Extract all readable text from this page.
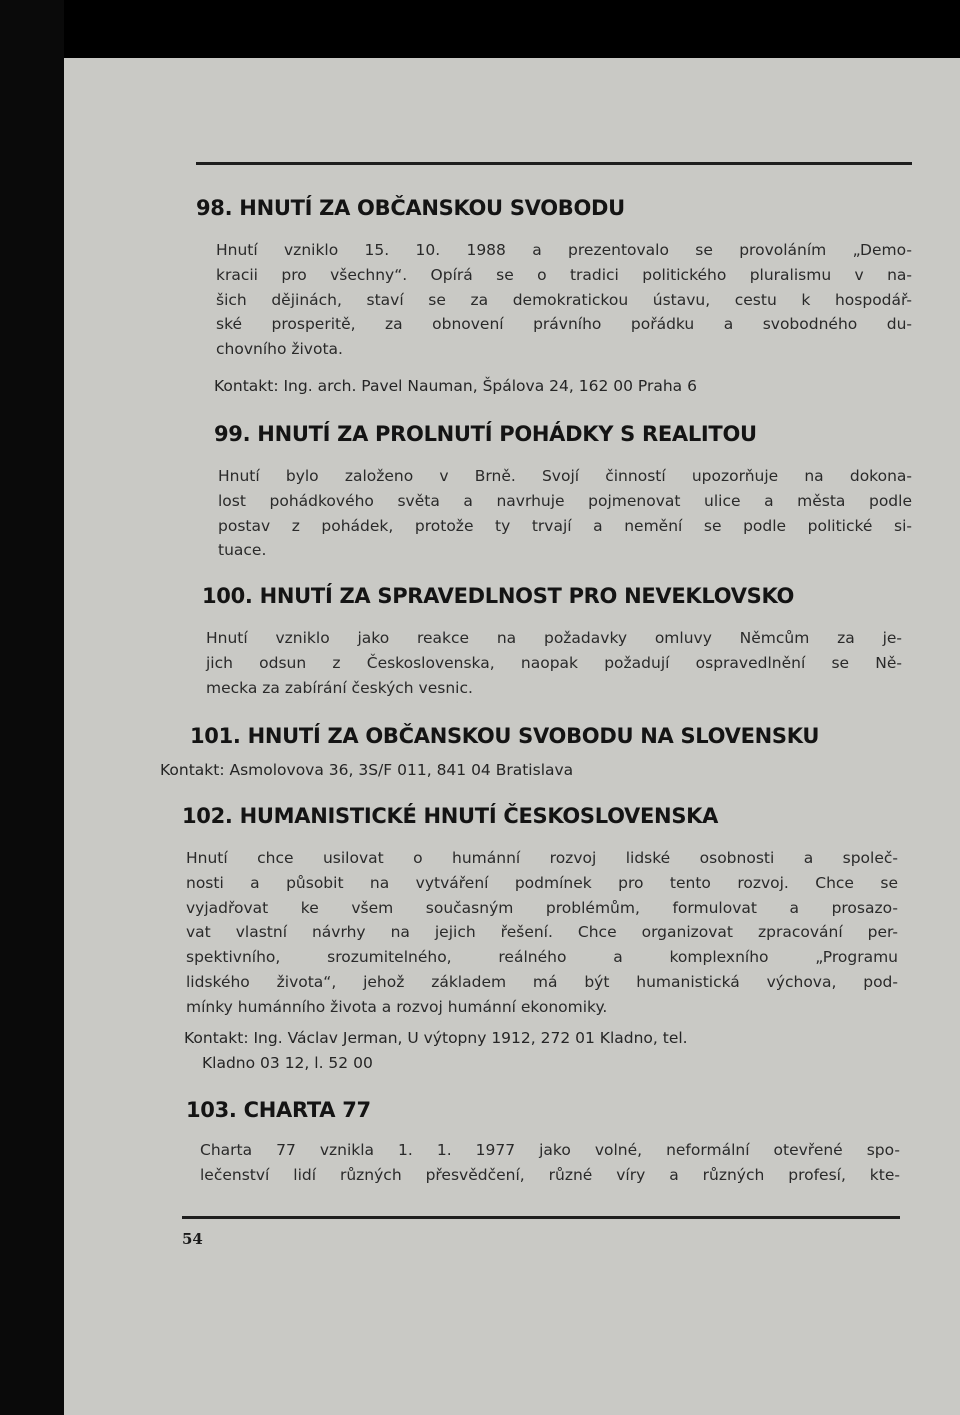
98. HNUTÍ ZA OBČANSKOU SVOBODU
Hnutí vzniklo 15. 10. 1988 a prezentovalo se provoláním „Demo-
kracii pro všechny“. Opírá se o tradici politického pluralismu v na-
šich dějinách, staví se za demokratickou ústavu, cestu k hospodář-
ské prosperitě, za obnovení právního pořádku a svobodného du-
chovního života.
Kontakt: Ing. arch. Pavel Nauman, Špálova 24, 162 00 Praha 6
99. HNUTÍ ZA PROLNUTÍ POHÁDKY S REALITOU
Hnutí bylo založeno v Brně. Svojí činností upozorňuje na dokona-
lost pohádkového světa a navrhuje pojmenovat ulice a města podle
postav z pohádek, protože ty trvají a nemění se podle politické si-
tuace.
100. HNUTÍ ZA SPRAVEDLNOST PRO NEVEKLOVSKO
Hnutí vzniklo jako reakce na požadavky omluvy Němcům za je-
jich odsun z Československa, naopak požadují ospravedlnění se Ně-
mecka za zabírání českých vesnic.
101. HNUTÍ ZA OBČANSKOU SVOBODU NA SLOVENSKU
Kontakt: Asmolovova 36, 3S/F 011, 841 04 Bratislava
102. HUMANISTICKÉ HNUTÍ ČESKOSLOVENSKA
Hnutí chce usilovat o humánní rozvoj lidské osobnosti a společ-
nosti a působit na vytváření podmínek pro tento rozvoj. Chce se
vyjadřovat ke všem současným problémům, formulovat a prosazo-
vat vlastní návrhy na jejich řešení. Chce organizovat zpracování per-
spektivního, srozumitelného, reálného a komplexního „Programu
lidského života“, jehož základem má být humanistická výchova, pod-
mínky humánního života a rozvoj humánní ekonomiky.
Kontakt: Ing. Václav Jerman, U výtopny 1912, 272 01 Kladno, tel.
Kladno 03 12, l. 52 00
103. CHARTA 77
Charta 77 vznikla 1. 1. 1977 jako volné, neformální otevřené spo-
lečenství lidí různých přesvědčení, různé víry a různých profesí, kte-
54
